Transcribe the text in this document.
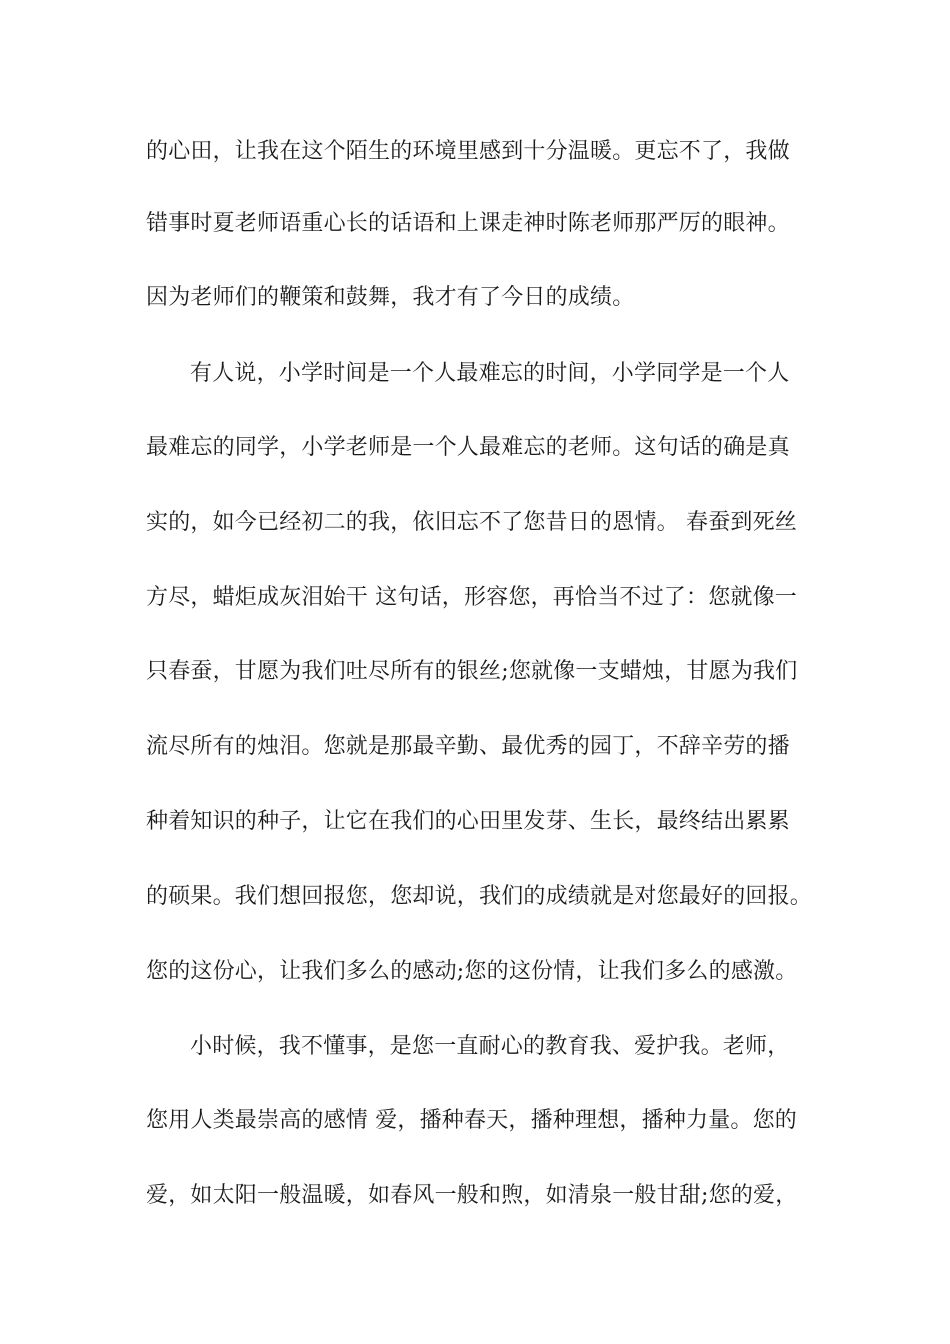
的心田，让我在这个陌生的环境里感到十分温暖。更忘不了，我做
错事时夏老师语重心长的话语和上课走神时陈老师那严厉的眼神。
因为老师们的鞭策和鼓舞，我才有了今日的成绩。
有人说，小学时间是一个人最难忘的时间，小学同学是一个人
最难忘的同学，小学老师是一个人最难忘的老师。这句话的确是真
实的，如今已经初二的我，依旧忘不了您昔日的恩情。 春蚕到死丝
方尽，蜡炬成灰泪始干 这句话，形容您，再恰当不过了：您就像一
只春蚕，甘愿为我们吐尽所有的银丝;您就像一支蜡烛，甘愿为我们
流尽所有的烛泪。您就是那最辛勤、最优秀的园丁，不辞辛劳的播
种着知识的种子，让它在我们的心田里发芽、生长，最终结出累累
的硕果。我们想回报您，您却说，我们的成绩就是对您最好的回报。
您的这份心，让我们多么的感动;您的这份情，让我们多么的感激。
小时候，我不懂事，是您一直耐心的教育我、爱护我。老师，
您用人类最崇高的感情 爱，播种春天，播种理想，播种力量。您的
爱，如太阳一般温暖，如春风一般和煦，如清泉一般甘甜;您的爱，
